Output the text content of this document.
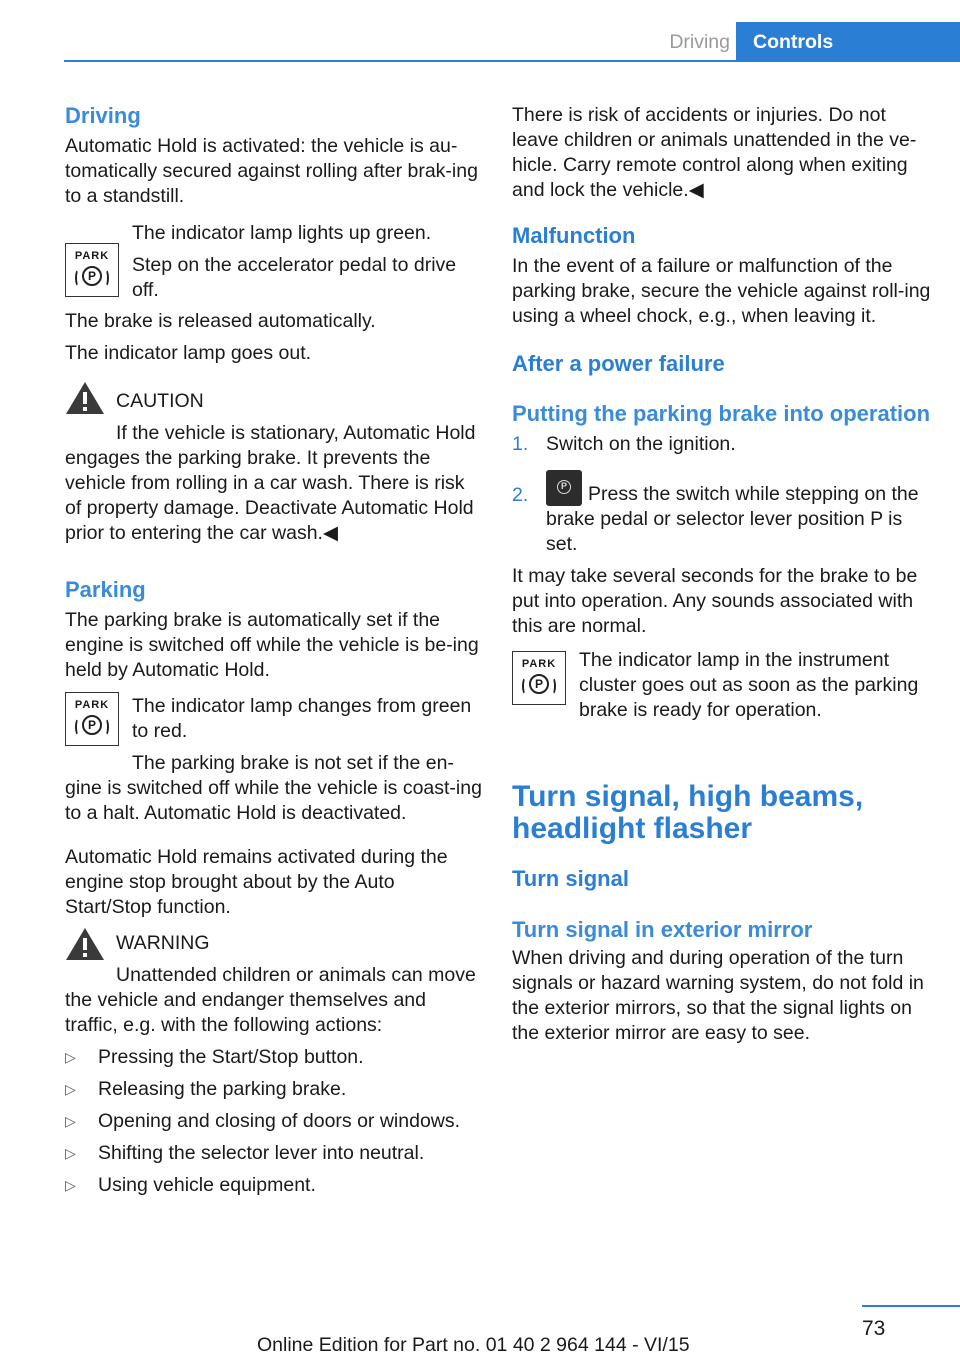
Driving	Controls
Driving

Automatic Hold is activated: the vehicle is au‐tomatically secured against rolling after brak‐ing to a standstill.

PARK
P

The indicator lamp lights up green.

Step on the accelerator pedal to drive off.

The brake is released automatically.

The indicator lamp goes out.

CAUTION

If the vehicle is stationary, Automatic Hold engages the parking brake. It prevents the vehicle from rolling in a car wash. There is risk of property damage. Deactivate Automatic Hold prior to entering the car wash.◀

Parking

The parking brake is automatically set if the engine is switched off while the vehicle is be‐ing held by Automatic Hold.

PARK
P

The indicator lamp changes from green to red.

The parking brake is not set if the en‐gine is switched off while the vehicle is coast‐ing to a halt. Automatic Hold is deactivated.

Automatic Hold remains activated during the engine stop brought about by the Auto Start/Stop function.

WARNING

Unattended children or animals can move the vehicle and endanger themselves and traffic, e.g. with the following actions:

▷ Pressing the Start/Stop button.
▷ Releasing the parking brake.
▷ Opening and closing of doors or windows.
▷ Shifting the selector lever into neutral.
▷ Using vehicle equipment.

There is risk of accidents or injuries. Do not leave children or animals unattended in the ve‐hicle. Carry remote control along when exiting and lock the vehicle.◀

Malfunction

In the event of a failure or malfunction of the parking brake, secure the vehicle against roll‐ing using a wheel chock, e.g., when leaving it.

After a power failure
Putting the parking brake into operation
1. Switch on the ignition.
2.	P Press the switch while stepping on the brake pedal or selector lever position P is set.

It may take several seconds for the brake to be put into operation. Any sounds associated with this are normal.

PARK
P

The indicator lamp in the instrument cluster goes out as soon as the parking brake is ready for operation.

Turn signal, high beams, headlight flasher
Turn signal
Turn signal in exterior mirror

When driving and during operation of the turn signals or hazard warning system, do not fold in the exterior mirrors, so that the signal lights on the exterior mirror are easy to see.

73
Online Edition for Part no. 01 40 2 964 144 - VI/15
